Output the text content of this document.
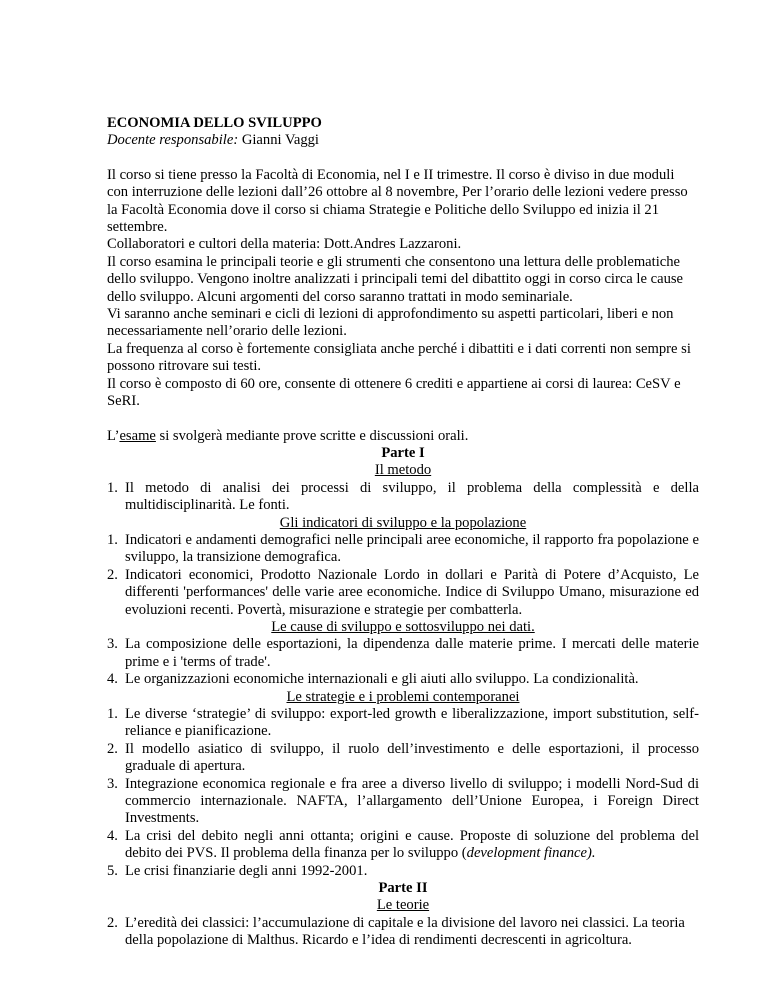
ECONOMIA DELLO SVILUPPO
Docente responsabile: Gianni Vaggi

Il corso si tiene presso la Facoltà di Economia, nel I e II trimestre. Il corso è diviso in due moduli con interruzione delle lezioni dall’26 ottobre al 8 novembre, Per l’orario delle lezioni vedere presso la Facoltà Economia dove il corso si chiama Strategie e Politiche dello Sviluppo ed inizia il 21 settembre.

Collaboratori e cultori della materia: Dott.Andres Lazzaroni.

Il corso esamina le principali teorie e gli strumenti che consentono una lettura delle problematiche dello sviluppo. Vengono inoltre analizzati i principali temi del dibattito oggi in corso circa le cause dello sviluppo. Alcuni argomenti del corso saranno trattati in modo seminariale.

Vi saranno anche seminari e cicli di lezioni di approfondimento su aspetti particolari, liberi e non necessariamente nell’orario delle lezioni.

La frequenza al corso è fortemente consigliata anche perché i dibattiti e i dati correnti non sempre si possono ritrovare sui testi.

Il corso è composto di 60 ore, consente di ottenere 6 crediti e appartiene ai corsi di laurea: CeSV e SeRI.

L’esame si svolgerà mediante prove scritte e discussioni orali.

Parte I
Il metodo
1. Il metodo di analisi dei processi di sviluppo, il problema della complessità e della multidisciplinarità. Le fonti.
Gli indicatori di sviluppo e la popolazione
1. Indicatori e andamenti demografici nelle principali aree economiche, il rapporto fra popolazione e sviluppo, la transizione demografica.
2. Indicatori economici, Prodotto Nazionale Lordo in dollari e Parità di Potere d’Acquisto, Le differenti 'performances' delle varie aree economiche. Indice di Sviluppo Umano, misurazione ed evoluzioni recenti. Povertà, misurazione e strategie per combatterla.
Le cause di sviluppo e sottosviluppo nei dati.
3. La composizione delle esportazioni, la dipendenza dalle materie prime. I mercati delle materie prime e i 'terms of trade'.
4. Le organizzazioni economiche internazionali e gli aiuti allo sviluppo. La condizionalità.
Le strategie e i problemi contemporanei
1. Le diverse ‘strategie’ di sviluppo: export-led growth e liberalizzazione, import substitution, self-reliance e pianificazione.
2. Il modello asiatico di sviluppo, il ruolo dell’investimento e delle esportazioni, il processo graduale di apertura.
3. Integrazione economica regionale e fra aree a diverso livello di sviluppo; i modelli Nord-Sud di commercio internazionale. NAFTA, l’allargamento dell’Unione Europea, i Foreign Direct Investments.
4. La crisi del debito negli anni ottanta; origini e cause. Proposte di soluzione del problema del debito dei PVS. Il problema della finanza per lo sviluppo (development finance).
5. Le crisi finanziarie degli anni 1992-2001.
Parte II
Le teorie
2. L’eredità dei classici: l’accumulazione di capitale e la divisione del lavoro nei classici. La teoria della popolazione di Malthus. Ricardo e l’idea di rendimenti decrescenti in agricoltura.
